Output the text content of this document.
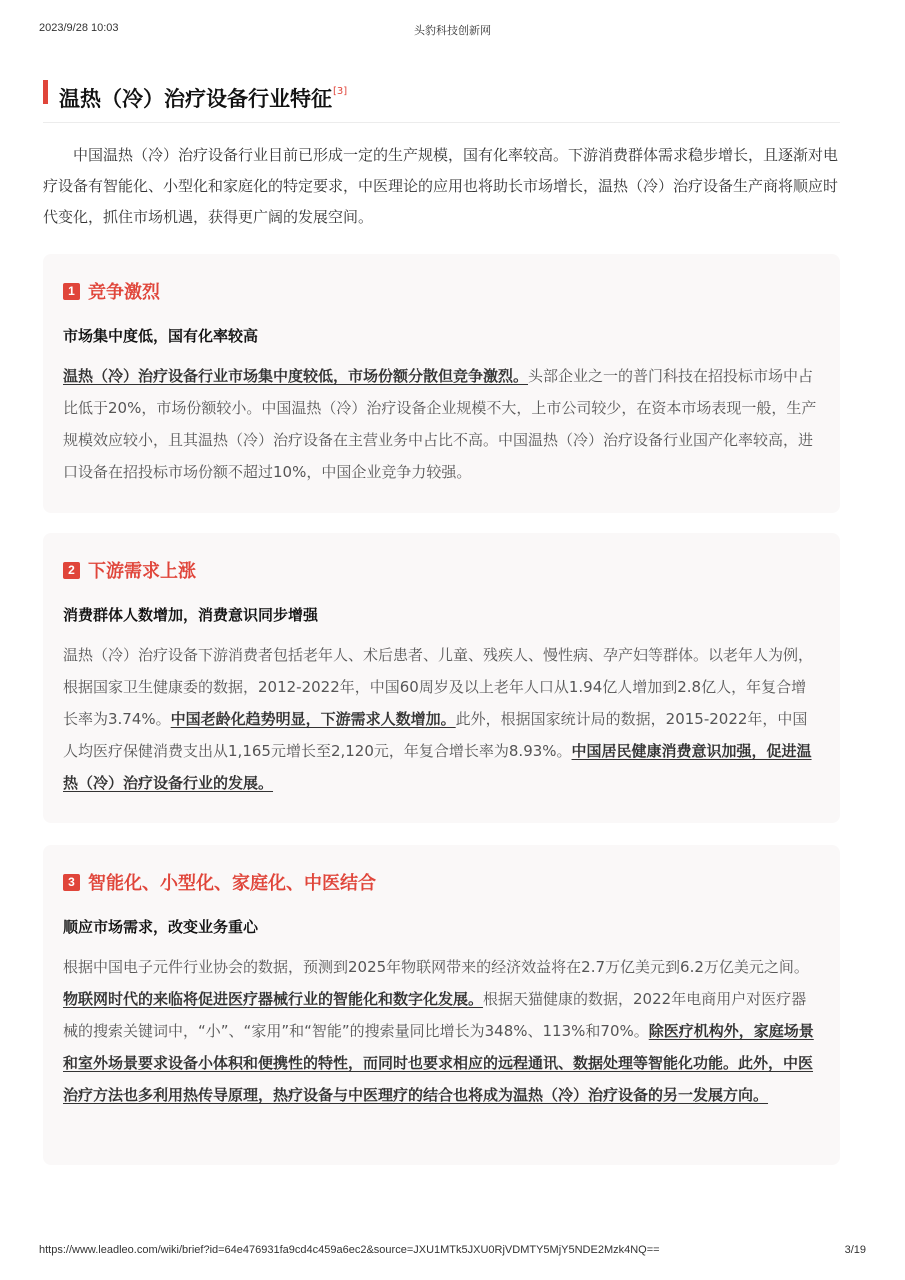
2023/9/28 10:03	头豹科技创新网
温热（冷）治疗设备行业特征[3]

中国温热（冷）治疗设备行业目前已形成一定的生产规模，国有化率较高。下游消费群体需求稳步增长，且逐渐对电疗设备有智能化、小型化和家庭化的特定要求，中医理论的应用也将助长市场增长，温热（冷）治疗设备生产商将顺应时代变化，抓住市场机遇，获得更广阔的发展空间。

1 竞争激烈
市场集中度低，国有化率较高
温热（冷）治疗设备行业市场集中度较低，市场份额分散但竞争激烈。头部企业之一的普门科技在招投标市场中占比低于20%，市场份额较小。中国温热（冷）治疗设备企业规模不大，上市公司较少，在资本市场表现一般，生产规模效应较小，且其温热（冷）治疗设备在主营业务中占比不高。中国温热（冷）治疗设备行业国产化率较高，进口设备在招投标市场份额不超过10%，中国企业竞争力较强。
2 下游需求上涨
消费群体人数增加，消费意识同步增强
温热（冷）治疗设备下游消费者包括老年人、术后患者、儿童、残疾人、慢性病、孕产妇等群体。以老年人为例，根据国家卫生健康委的数据，2012-2022年，中国60周岁及以上老年人口从1.94亿人增加到2.8亿人，年复合增长率为3.74%。中国老龄化趋势明显，下游需求人数增加。此外，根据国家统计局的数据，2015-2022年，中国人均医疗保健消费支出从1,165元增长至2,120元，年复合增长率为8.93%。中国居民健康消费意识加强，促进温热（冷）治疗设备行业的发展。
3 智能化、小型化、家庭化、中医结合
顺应市场需求，改变业务重心
根据中国电子元件行业协会的数据，预测到2025年物联网带来的经济效益将在2.7万亿美元到6.2万亿美元之间。物联网时代的来临将促进医疗器械行业的智能化和数字化发展。根据天猫健康的数据，2022年电商用户对医疗器械的搜索关键词中，“小”、“家用”和“智能”的搜索量同比增长为348%、113%和70%。除医疗机构外，家庭场景和室外场景要求设备小体积和便携性的特性，而同时也要求相应的远程通讯、数据处理等智能化功能。此外，中医治疗方法也多利用热传导原理，热疗设备与中医理疗的结合也将成为温热（冷）治疗设备的另一发展方向。
https://www.leadleo.com/wiki/brief?id=64e476931fa9cd4c459a6ec2&source=JXU1MTk5JXU0RjVDMTY5MjY5NDE2Mzk4NQ==	3/19
